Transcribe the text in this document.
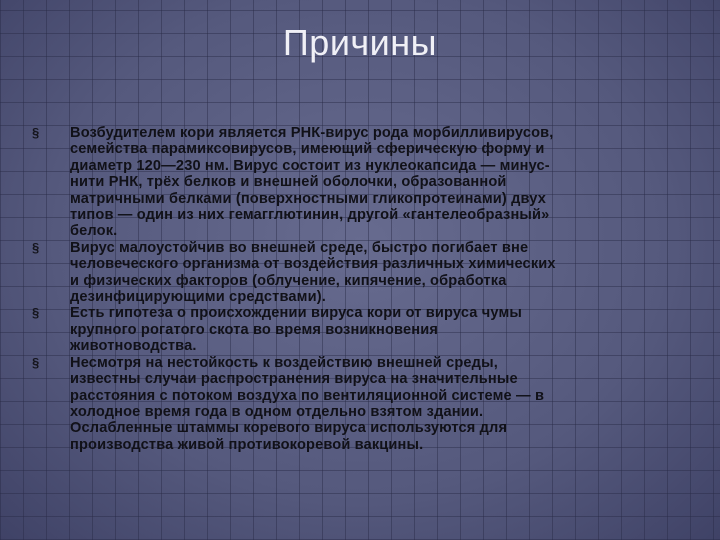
Причины
§	Возбудителем кори является РНК-вирус рода морбилливирусов,
семейства парамиксовирусов, имеющий сферическую форму и
диаметр 120—230 нм. Вирус состоит из нуклеокапсида — минус-
нити РНК, трёх белков и внешней оболочки, образованной
матричными белками (поверхностными гликопротеинами) двух
типов — один из них гемагглютинин, другой «гантелеобразный»
белок.
§	Вирус малоустойчив во внешней среде, быстро погибает вне
человеческого организма от воздействия различных химических
и физических факторов (облучение, кипячение, обработка
дезинфицирующими средствами).
§	Есть гипотеза о происхождении вируса кори от вируса чумы
крупного рогатого скота во время возникновения
животноводства.
§	Несмотря на нестойкость к воздействию внешней среды,
известны случаи распространения вируса на значительные
расстояния с потоком воздуха по вентиляционной системе — в
холодное время года в одном отдельно взятом здании.
Ослабленные штаммы коревого вируса используются для
производства живой противокоревой вакцины.
